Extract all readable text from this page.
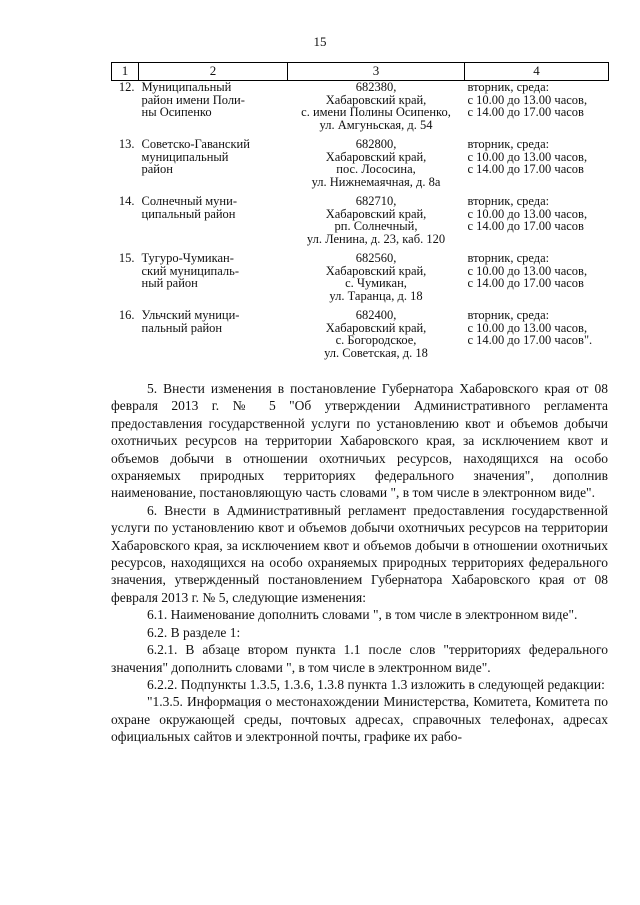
15
1	2	3	4
12.	Муниципальный
район имени Поли-
ны Осипенко	682380,
Хабаровский край,
с. имени Полины Осипенко,
ул. Амгуньская, д. 54	вторник, среда:
с 10.00 до 13.00 часов,
с 14.00 до 17.00 часов

13.	Советско-Гаванский
муниципальный
район	682800,
Хабаровский край,
пос. Лососина,
ул. Нижнемаячная, д. 8а	вторник, среда:
с 10.00 до 13.00 часов,
с 14.00 до 17.00 часов

14.	Солнечный муни-
ципальный район	682710,
Хабаровский край,
рп. Солнечный,
ул. Ленина, д. 23, каб. 120	вторник, среда:
с 10.00 до 13.00 часов,
с 14.00 до 17.00 часов

15.	Тугуро-Чумикан-
ский муниципаль-
ный район	682560,
Хабаровский край,
с. Чумикан,
ул. Таранца, д. 18	вторник, среда:
с 10.00 до 13.00 часов,
с 14.00 до 17.00 часов

16.	Ульчский муници-
пальный район	682400,
Хабаровский край,
с. Богородское,
ул. Советская, д. 18	вторник, среда:
с 10.00 до 13.00 часов,
с 14.00 до 17.00 часов".

5. Внести изменения в постановление Губернатора Хабаровского края от 08 февраля 2013 г. № 5 "Об утверждении Административного регламента предоставления государственной услуги по установлению квот и объемов добычи охотничьих ресурсов на территории Хабаровского края, за исключением квот и объемов добычи в отношении охотничьих ресурсов, находящихся на особо охраняемых природных территориях федерального значения", дополнив наименование, постановляющую часть словами ", в том числе в электронном виде".

6. Внести в Административный регламент предоставления государственной услуги по установлению квот и объемов добычи охотничьих ресурсов на территории Хабаровского края, за исключением квот и объемов добычи в отношении охотничьих ресурсов, находящихся на особо охраняемых природных территориях федерального значения, утвержденный постановлением Губернатора Хабаровского края от 08 февраля 2013 г. № 5, следующие изменения:

6.1. Наименование дополнить словами ", в том числе в электронном виде".

6.2. В разделе 1:

6.2.1. В абзаце втором пункта 1.1 после слов "территориях федерального значения" дополнить словами ", в том числе в электронном виде".

6.2.2. Подпункты 1.3.5, 1.3.6, 1.3.8 пункта 1.3 изложить в следующей редакции:

"1.3.5. Информация о местонахождении Министерства, Комитета, Комитета по охране окружающей среды, почтовых адресах, справочных телефонах, адресах официальных сайтов и электронной почты, графике их рабо-
